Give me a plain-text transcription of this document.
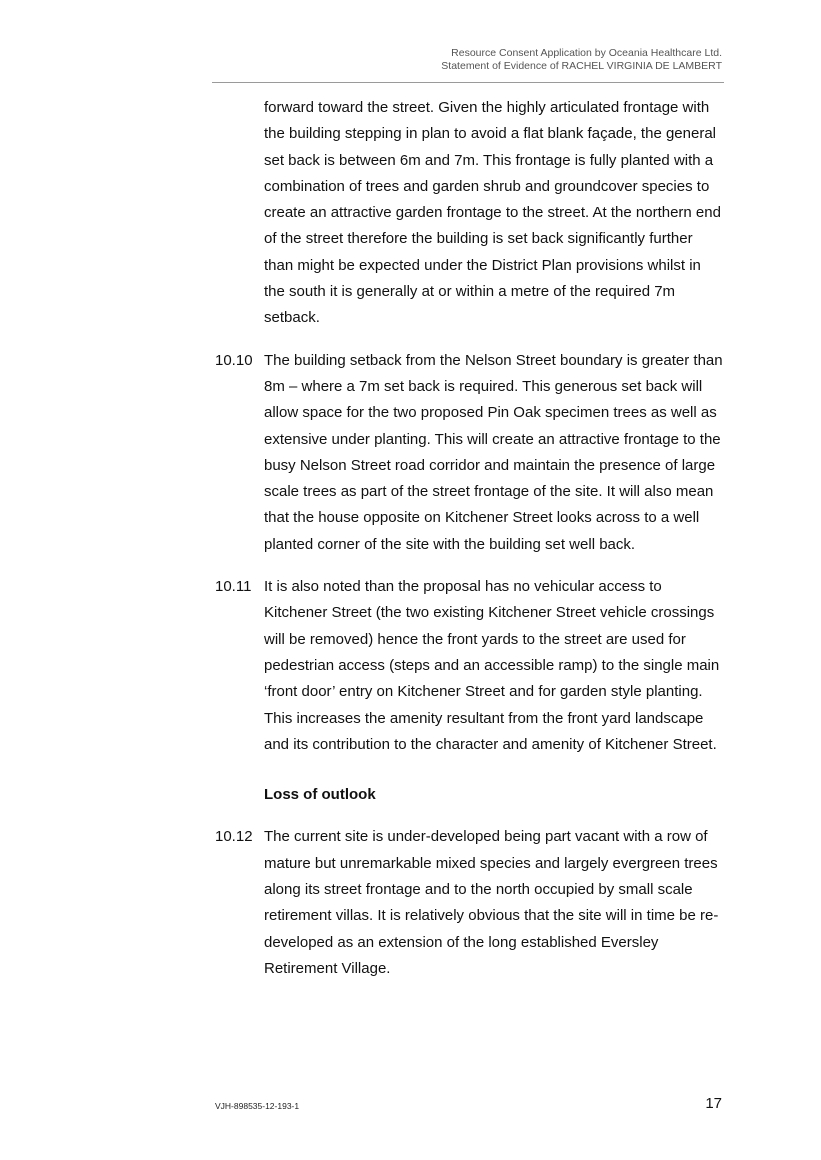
Resource Consent Application by Oceania Healthcare Ltd.
Statement of Evidence of RACHEL VIRGINIA DE LAMBERT
forward toward the street. Given the highly articulated frontage with the building stepping in plan to avoid a flat blank façade, the general set back is between 6m and 7m. This frontage is fully planted with a combination of trees and garden shrub and groundcover species to create an attractive garden frontage to the street. At the northern end of the street therefore the building is set back significantly further than might be expected under the District Plan provisions whilst in the south it is generally at or within a metre of the required 7m setback.
10.10 The building setback from the Nelson Street boundary is greater than 8m – where a 7m set back is required. This generous set back will allow space for the two proposed Pin Oak specimen trees as well as extensive under planting. This will create an attractive frontage to the busy Nelson Street road corridor and maintain the presence of large scale trees as part of the street frontage of the site. It will also mean that the house opposite on Kitchener Street looks across to a well planted corner of the site with the building set well back.
10.11 It is also noted than the proposal has no vehicular access to Kitchener Street (the two existing Kitchener Street vehicle crossings will be removed) hence the front yards to the street are used for pedestrian access (steps and an accessible ramp) to the single main ‘front door’ entry on Kitchener Street and for garden style planting. This increases the amenity resultant from the front yard landscape and its contribution to the character and amenity of Kitchener Street.
Loss of outlook
10.12 The current site is under-developed being part vacant with a row of mature but unremarkable mixed species and largely evergreen trees along its street frontage and to the north occupied by small scale retirement villas. It is relatively obvious that the site will in time be re-developed as an extension of the long established Eversley Retirement Village.
VJH-898535-12-193-1	17
